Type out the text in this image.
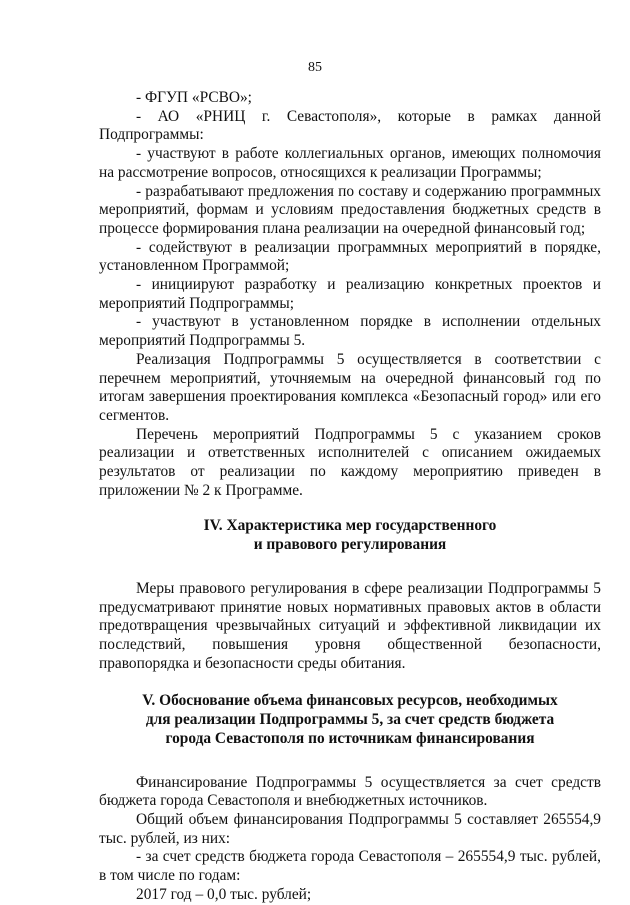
85

- ФГУП «РСВО»;

- АО «РНИЦ г. Севастополя», которые в рамках данной Подпрограммы:

- участвуют в работе коллегиальных органов, имеющих полномочия на рассмотрение вопросов, относящихся к реализации Программы;

- разрабатывают предложения по составу и содержанию программных мероприятий, формам и условиям предоставления бюджетных средств в процессе формирования плана реализации на очередной финансовый год;

- содействуют в реализации программных мероприятий в порядке, установленном Программой;

- инициируют разработку и реализацию конкретных проектов и мероприятий Подпрограммы;

- участвуют в установленном порядке в исполнении отдельных мероприятий Подпрограммы 5.

Реализация Подпрограммы 5 осуществляется в соответствии с перечнем мероприятий, уточняемым на очередной финансовый год по итогам завершения проектирования комплекса «Безопасный город» или его сегментов.

Перечень мероприятий Подпрограммы 5 с указанием сроков реализации и ответственных исполнителей с описанием ожидаемых результатов от реализации по каждому мероприятию приведен в приложении № 2 к Программе.

IV. Характеристика мер государственного

и правового регулирования

Меры правового регулирования в сфере реализации Подпрограммы 5 предусматривают принятие новых нормативных правовых актов в области предотвращения чрезвычайных ситуаций и эффективной ликвидации их последствий, повышения уровня общественной безопасности, правопорядка и безопасности среды обитания.

V. Обоснование объема финансовых ресурсов, необходимых

для реализации Подпрограммы 5, за счет средств бюджета

города Севастополя по источникам финансирования

Финансирование Подпрограммы 5 осуществляется за счет средств бюджета города Севастополя и внебюджетных источников.

Общий объем финансирования Подпрограммы 5 составляет 265554,9 тыс. рублей, из них:

- за счет средств бюджета города Севастополя – 265554,9 тыс. рублей, в том числе по годам:

2017 год – 0,0 тыс. рублей;
